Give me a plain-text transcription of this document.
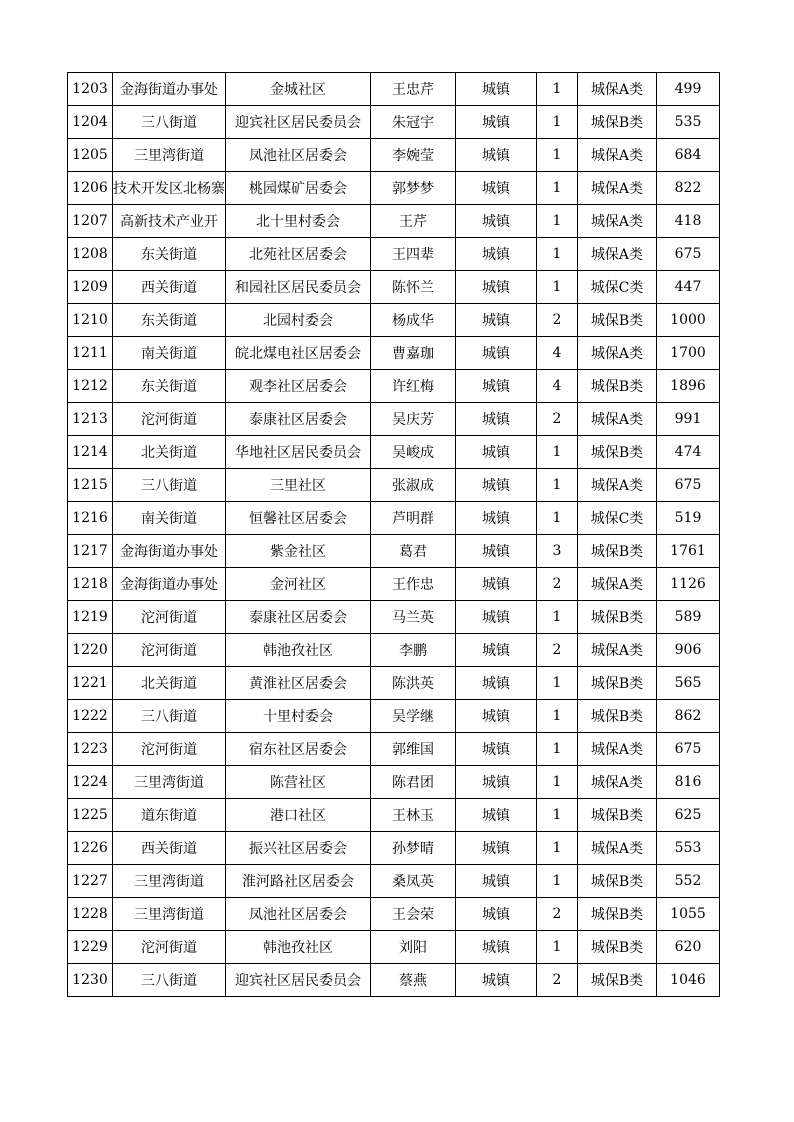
1203	金海街道办事处	金城社区	王忠芹	城镇	1	城保A类	499
1204	三八街道	迎宾社区居民委员会	朱冠宇	城镇	1	城保B类	535
1205	三里湾街道	凤池社区居委会	李婉莹	城镇	1	城保A类	684
1206	技术开发区北杨寨	桃园煤矿居委会	郭梦梦	城镇	1	城保A类	822
1207	高新技术产业开	北十里村委会	王芹	城镇	1	城保A类	418
1208	东关街道	北苑社区居委会	王四辈	城镇	1	城保A类	675
1209	西关街道	和园社区居民委员会	陈怀兰	城镇	1	城保C类	447
1210	东关街道	北园村委会	杨成华	城镇	2	城保B类	1000
1211	南关街道	皖北煤电社区居委会	曹嘉珈	城镇	4	城保A类	1700
1212	东关街道	观李社区居委会	许红梅	城镇	4	城保B类	1896
1213	沱河街道	泰康社区居委会	吴庆芳	城镇	2	城保A类	991
1214	北关街道	华地社区居民委员会	吴峻成	城镇	1	城保B类	474
1215	三八街道	三里社区	张淑成	城镇	1	城保A类	675
1216	南关街道	恒馨社区居委会	芦明群	城镇	1	城保C类	519
1217	金海街道办事处	紫金社区	葛君	城镇	3	城保B类	1761
1218	金海街道办事处	金河社区	王作忠	城镇	2	城保A类	1126
1219	沱河街道	泰康社区居委会	马兰英	城镇	1	城保B类	589
1220	沱河街道	韩池孜社区	李鹏	城镇	2	城保A类	906
1221	北关街道	黄淮社区居委会	陈洪英	城镇	1	城保B类	565
1222	三八街道	十里村委会	吴学继	城镇	1	城保B类	862
1223	沱河街道	宿东社区居委会	郭维国	城镇	1	城保A类	675
1224	三里湾街道	陈营社区	陈君团	城镇	1	城保A类	816
1225	道东街道	港口社区	王林玉	城镇	1	城保B类	625
1226	西关街道	振兴社区居委会	孙梦晴	城镇	1	城保A类	553
1227	三里湾街道	淮河路社区居委会	桑凤英	城镇	1	城保B类	552
1228	三里湾街道	凤池社区居委会	王会荣	城镇	2	城保B类	1055
1229	沱河街道	韩池孜社区	刘阳	城镇	1	城保B类	620
1230	三八街道	迎宾社区居民委员会	蔡燕	城镇	2	城保B类	1046
